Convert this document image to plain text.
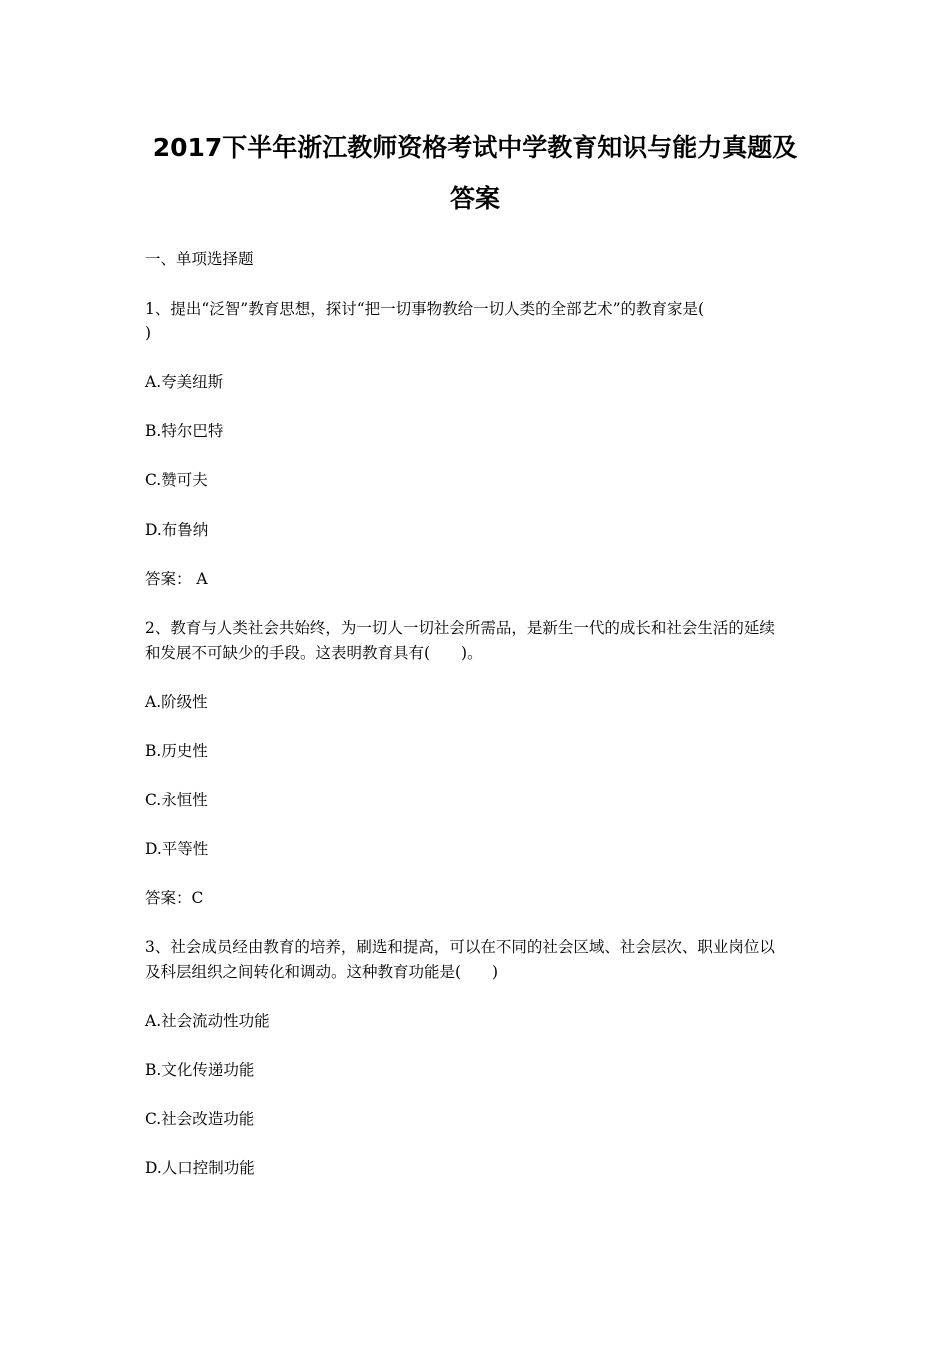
2017下半年浙江教师资格考试中学教育知识与能力真题及
答案
一、单项选择题
1、提出“泛智”教育思想，探讨“把一切事物教给一切人类的全部艺术”的教育家是(
)
A.夸美纽斯
B.特尔巴特
C.赞可夫
D.布鲁纳
答案： A
2、教育与人类社会共始终，为一切人一切社会所需品，是新生一代的成长和社会生活的延续
和发展不可缺少的手段。这表明教育具有(　　)。
A.阶级性
B.历史性
C.永恒性
D.平等性
答案：C
3、社会成员经由教育的培养，刷选和提高，可以在不同的社会区域、社会层次、职业岗位以
及科层组织之间转化和调动。这种教育功能是(　　)
A.社会流动性功能
B.文化传递功能
C.社会改造功能
D.人口控制功能
